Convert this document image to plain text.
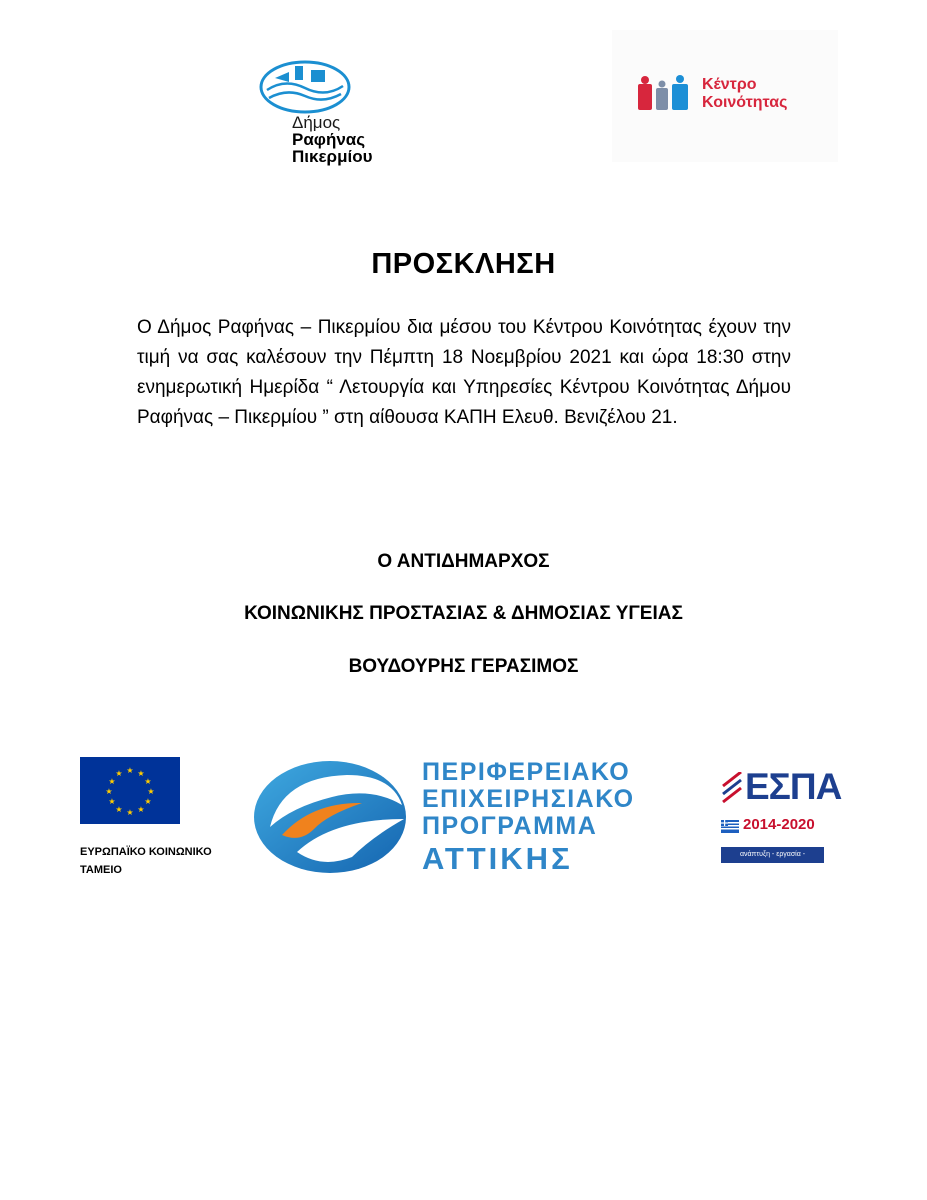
Δήμος
Ραφήνας
Πικερμίου
Κέντρο
Κοινότητας
ΠΡΟΣΚΛΗΣΗ
Ο Δήμος Ραφήνας – Πικερμίου δια μέσου του Κέντρου Κοινότητας έχουν την τιμή να σας καλέσουν την Πέμπτη 18 Νοεμβρίου 2021 και ώρα 18:30 στην ενημερωτική Ημερίδα “ Λετουργία και Υπηρεσίες Κέντρου Κοινότητας Δήμου Ραφήνας – Πικερμίου ” στη αίθουσα ΚΑΠΗ Ελευθ. Βενιζέλου 21.
Ο ΑΝΤΙΔΗΜΑΡΧΟΣ
ΚΟΙΝΩΝΙΚΗΣ ΠΡΟΣΤΑΣΙΑΣ & ΔΗΜΟΣΙΑΣ ΥΓΕΙΑΣ
ΒΟΥΔΟΥΡΗΣ ΓΕΡΑΣΙΜΟΣ
★ ★
★
★
★
★
★
★
★
★
★
★
ΕΥΡΩΠΑΪΚΟ ΚΟΙΝΩΝΙΚΟ
ΤΑΜΕΙΟ
ΠΕΡΙΦΕΡΕΙΑΚΟ
ΕΠΙΧΕΙΡΗΣΙΑΚΟ
ΠΡΟΓΡΑΜΜΑ
ΑΤΤΙΚΗΣ
ΕΣΠΑ
2014-2020
ανάπτυξη - εργασία - αλληλεγγύη
